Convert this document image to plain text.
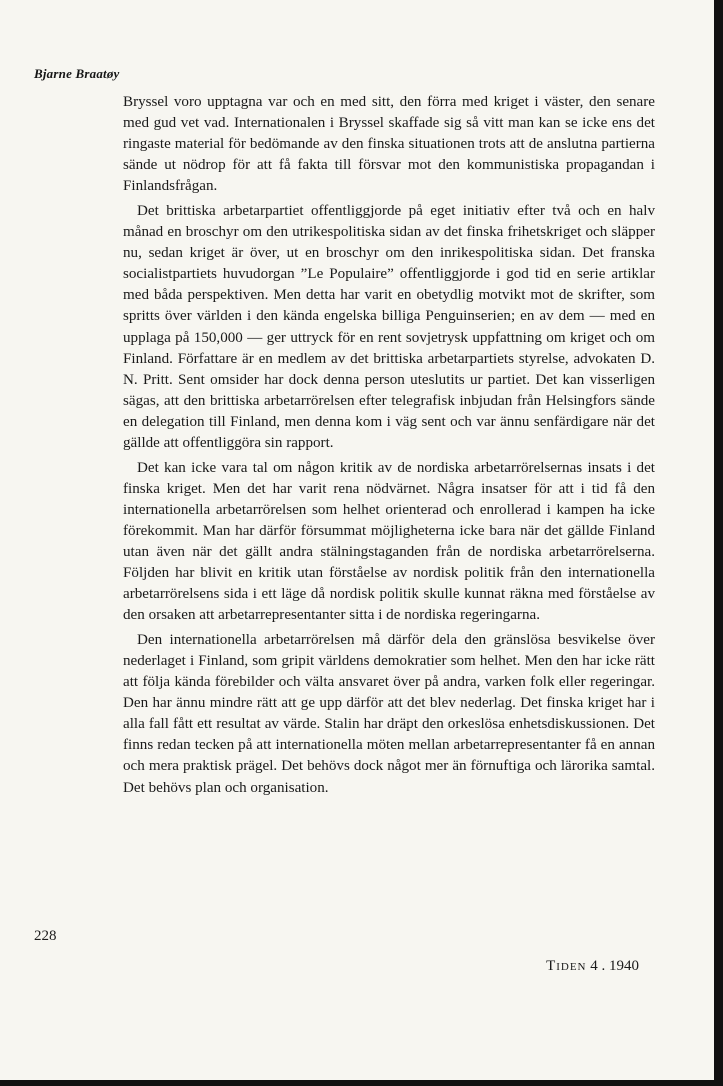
Bjarne Braatøy

Bryssel voro upptagna var och en med sitt, den förra med kriget i väster, den senare med gud vet vad. Internationalen i Bryssel skaffade sig så vitt man kan se icke ens det ringaste material för bedömande av den finska situationen trots att de anslutna partierna sände ut nödrop för att få fakta till försvar mot den kommunistiska propagandan i Finlandsfrågan.

Det brittiska arbetarpartiet offentliggjorde på eget initiativ efter två och en halv månad en broschyr om den utrikespolitiska sidan av det finska frihetskriget och släpper nu, sedan kriget är över, ut en broschyr om den inrikespolitiska sidan. Det franska socialistpartiets huvudorgan ”Le Populaire” offentliggjorde i god tid en serie artiklar med båda perspektiven. Men detta har varit en obetydlig motvikt mot de skrifter, som spritts över världen i den kända engelska billiga Penguinserien; en av dem — med en upplaga på 150,000 — ger uttryck för en rent sovjetrysk uppfattning om kriget och om Finland. Författare är en medlem av det brittiska arbetarpartiets styrelse, advokaten D. N. Pritt. Sent omsider har dock denna person uteslutits ur partiet. Det kan visserligen sägas, att den brittiska arbetarrörelsen efter telegrafisk inbjudan från Helsingfors sände en delegation till Finland, men denna kom i väg sent och var ännu senfärdigare när det gällde att offentliggöra sin rapport.

Det kan icke vara tal om någon kritik av de nordiska arbetarrörelsernas insats i det finska kriget. Men det har varit rena nödvärnet. Några insatser för att i tid få den internationella arbetarrörelsen som helhet orienterad och enrollerad i kampen ha icke förekommit. Man har därför försummat möjligheterna icke bara när det gällde Finland utan även när det gällt andra stälningstaganden från de nordiska arbetarrörelserna. Följden har blivit en kritik utan förståelse av nordisk politik från den internationella arbetarrörelsens sida i ett läge då nordisk politik skulle kunnat räkna med förståelse av den orsaken att arbetarrepresentanter sitta i de nordiska regeringarna.

Den internationella arbetarrörelsen må därför dela den gränslösa besvikelse över nederlaget i Finland, som gripit världens demokratier som helhet. Men den har icke rätt att följa kända förebilder och välta ansvaret över på andra, varken folk eller regeringar. Den har ännu mindre rätt att ge upp därför att det blev nederlag. Det finska kriget har i alla fall fått ett resultat av värde. Stalin har dräpt den orkeslösa enhetsdiskussionen. Det finns redan tecken på att internationella möten mellan arbetarrepresentanter få en annan och mera praktisk prägel. Det behövs dock något mer än förnuftiga och lärorika samtal. Det behövs plan och organisation.

228

Tiden 4 . 1940
